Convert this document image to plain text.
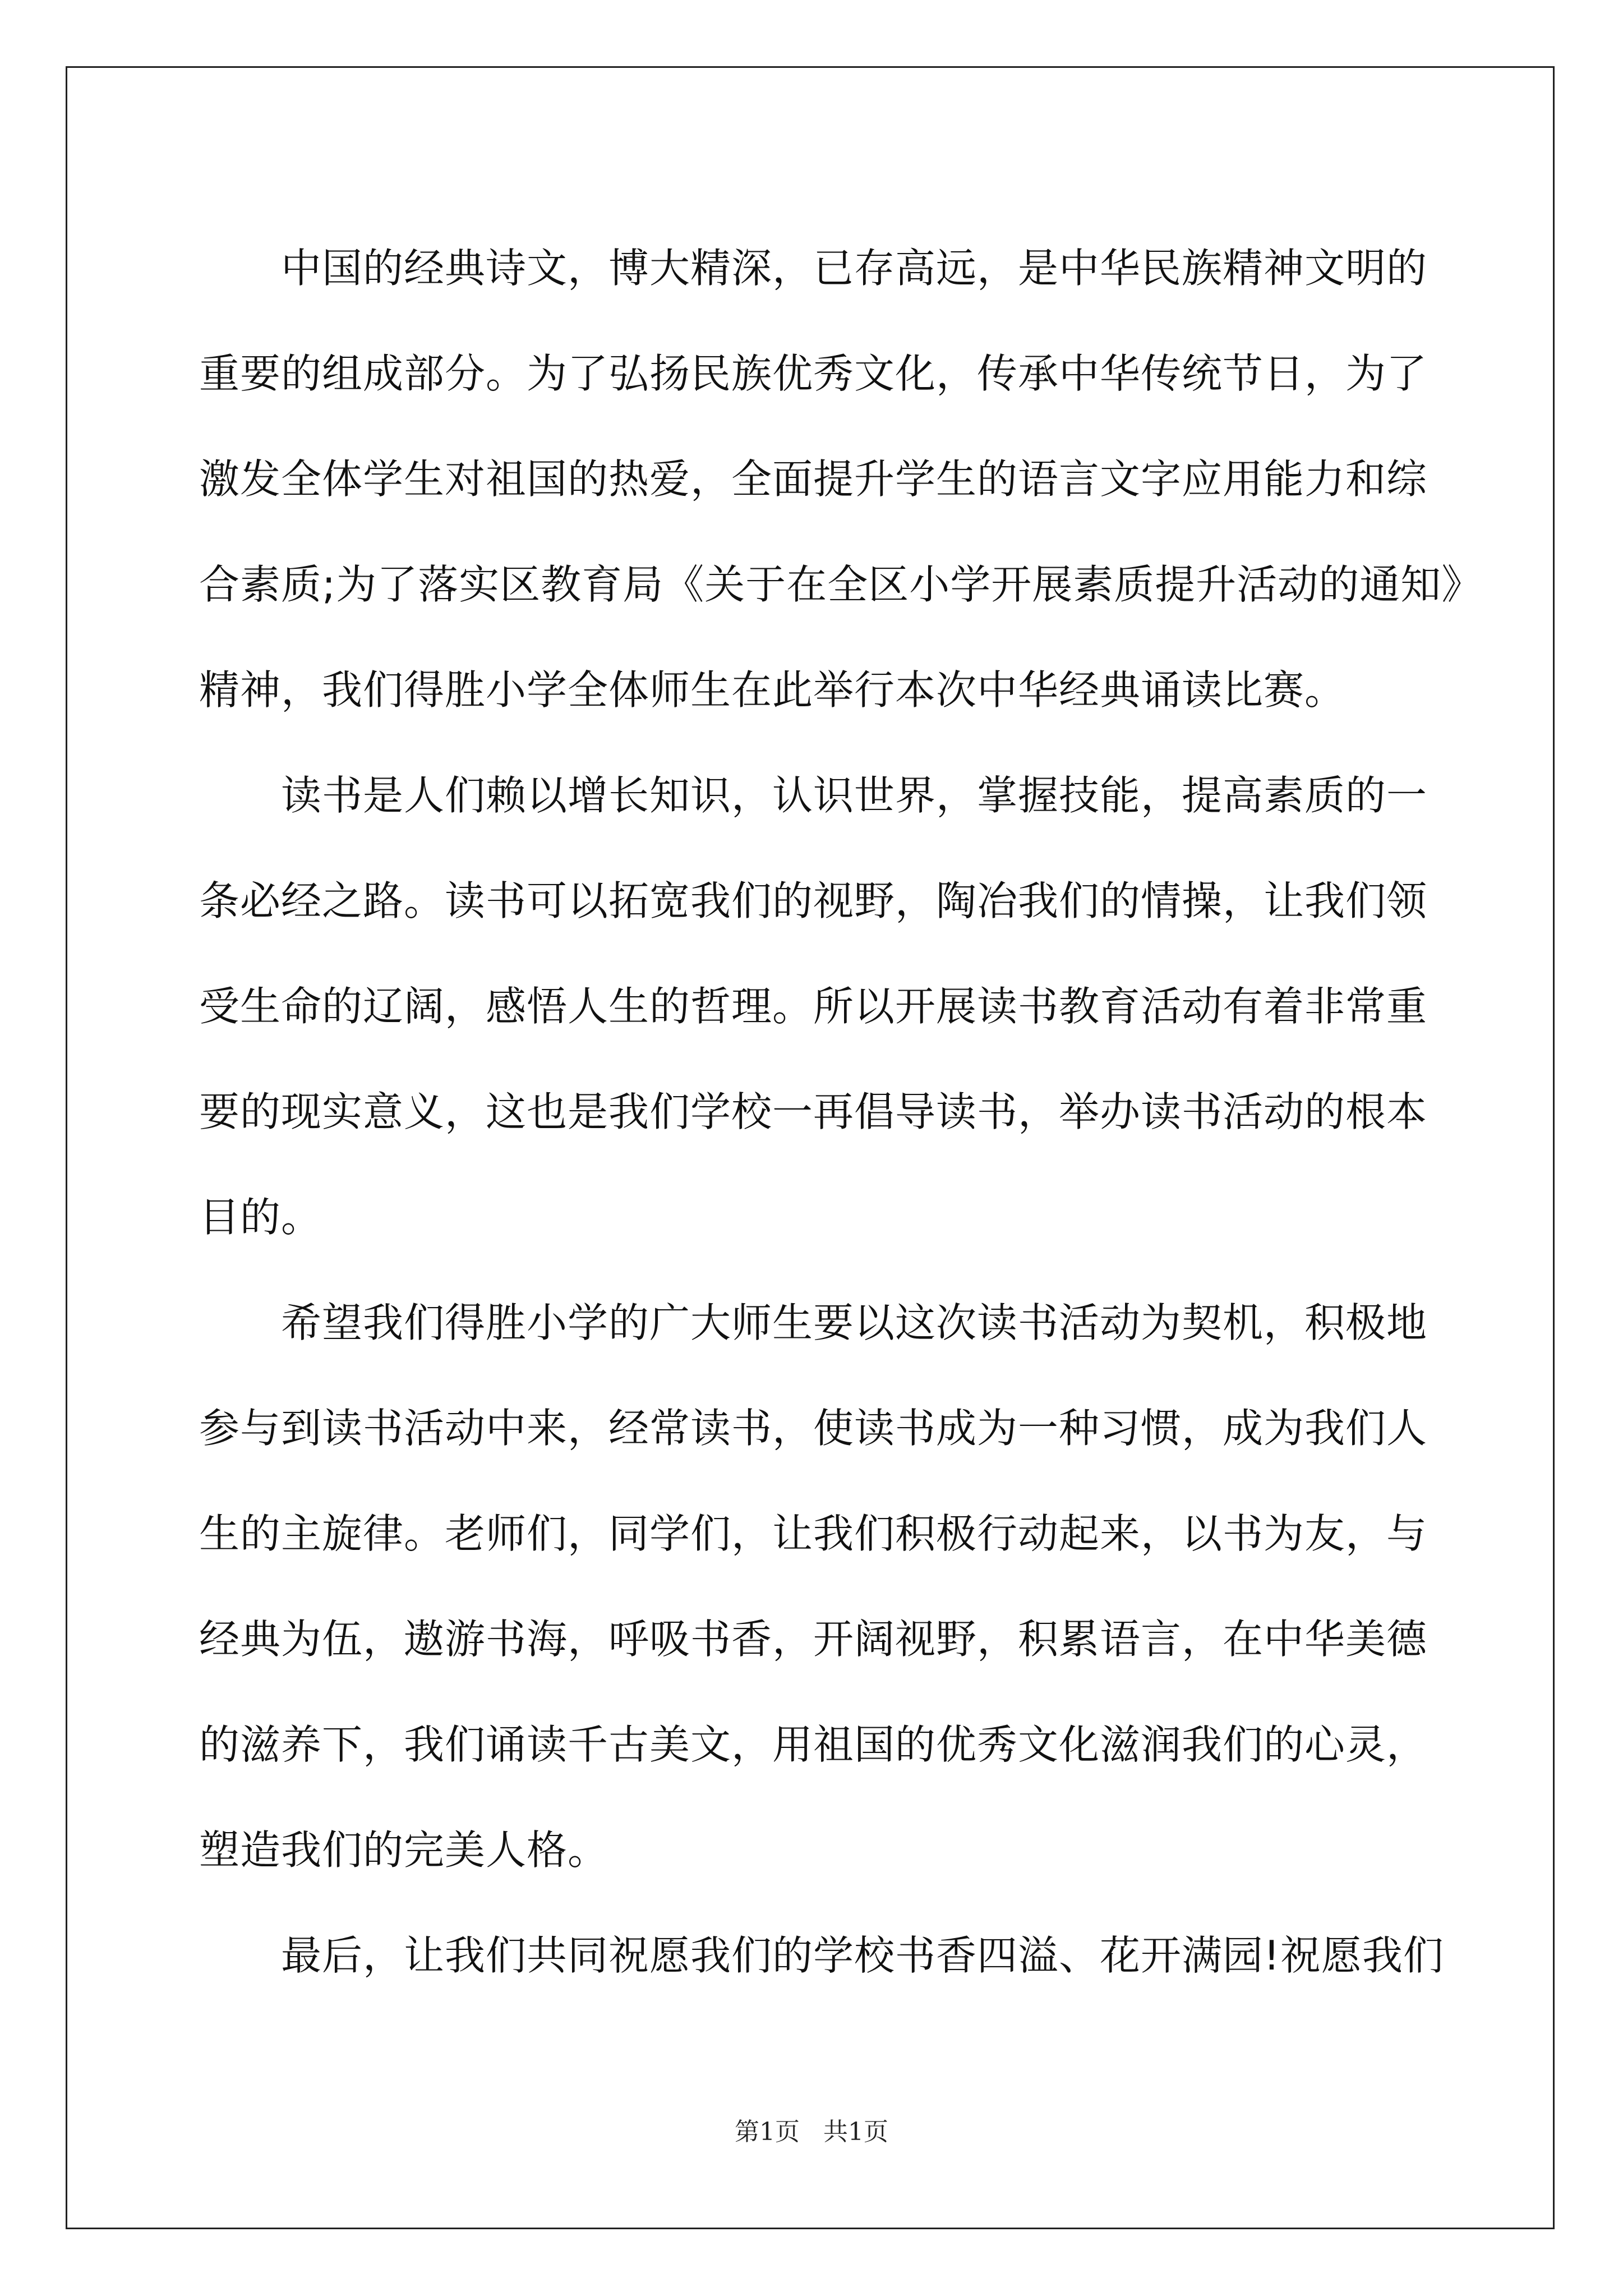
　　中国的经典诗文，博大精深，已存高远，是中华民族精神文明的
重要的组成部分。为了弘扬民族优秀文化，传承中华传统节日，为了
激发全体学生对祖国的热爱，全面提升学生的语言文字应用能力和综
合素质;为了落实区教育局《关于在全区小学开展素质提升活动的通知》
精神，我们得胜小学全体师生在此举行本次中华经典诵读比赛。
　　读书是人们赖以增长知识，认识世界，掌握技能，提高素质的一
条必经之路。读书可以拓宽我们的视野，陶冶我们的情操，让我们领
受生命的辽阔，感悟人生的哲理。所以开展读书教育活动有着非常重
要的现实意义，这也是我们学校一再倡导读书，举办读书活动的根本
目的。
　　希望我们得胜小学的广大师生要以这次读书活动为契机，积极地
参与到读书活动中来，经常读书，使读书成为一种习惯，成为我们人
生的主旋律。老师们，同学们，让我们积极行动起来，以书为友，与
经典为伍，遨游书海，呼吸书香，开阔视野，积累语言，在中华美德
的滋养下，我们诵读千古美文，用祖国的优秀文化滋润我们的心灵，
塑造我们的完美人格。
　　最后，让我们共同祝愿我们的学校书香四溢、花开满园!祝愿我们
第1页 共1页
